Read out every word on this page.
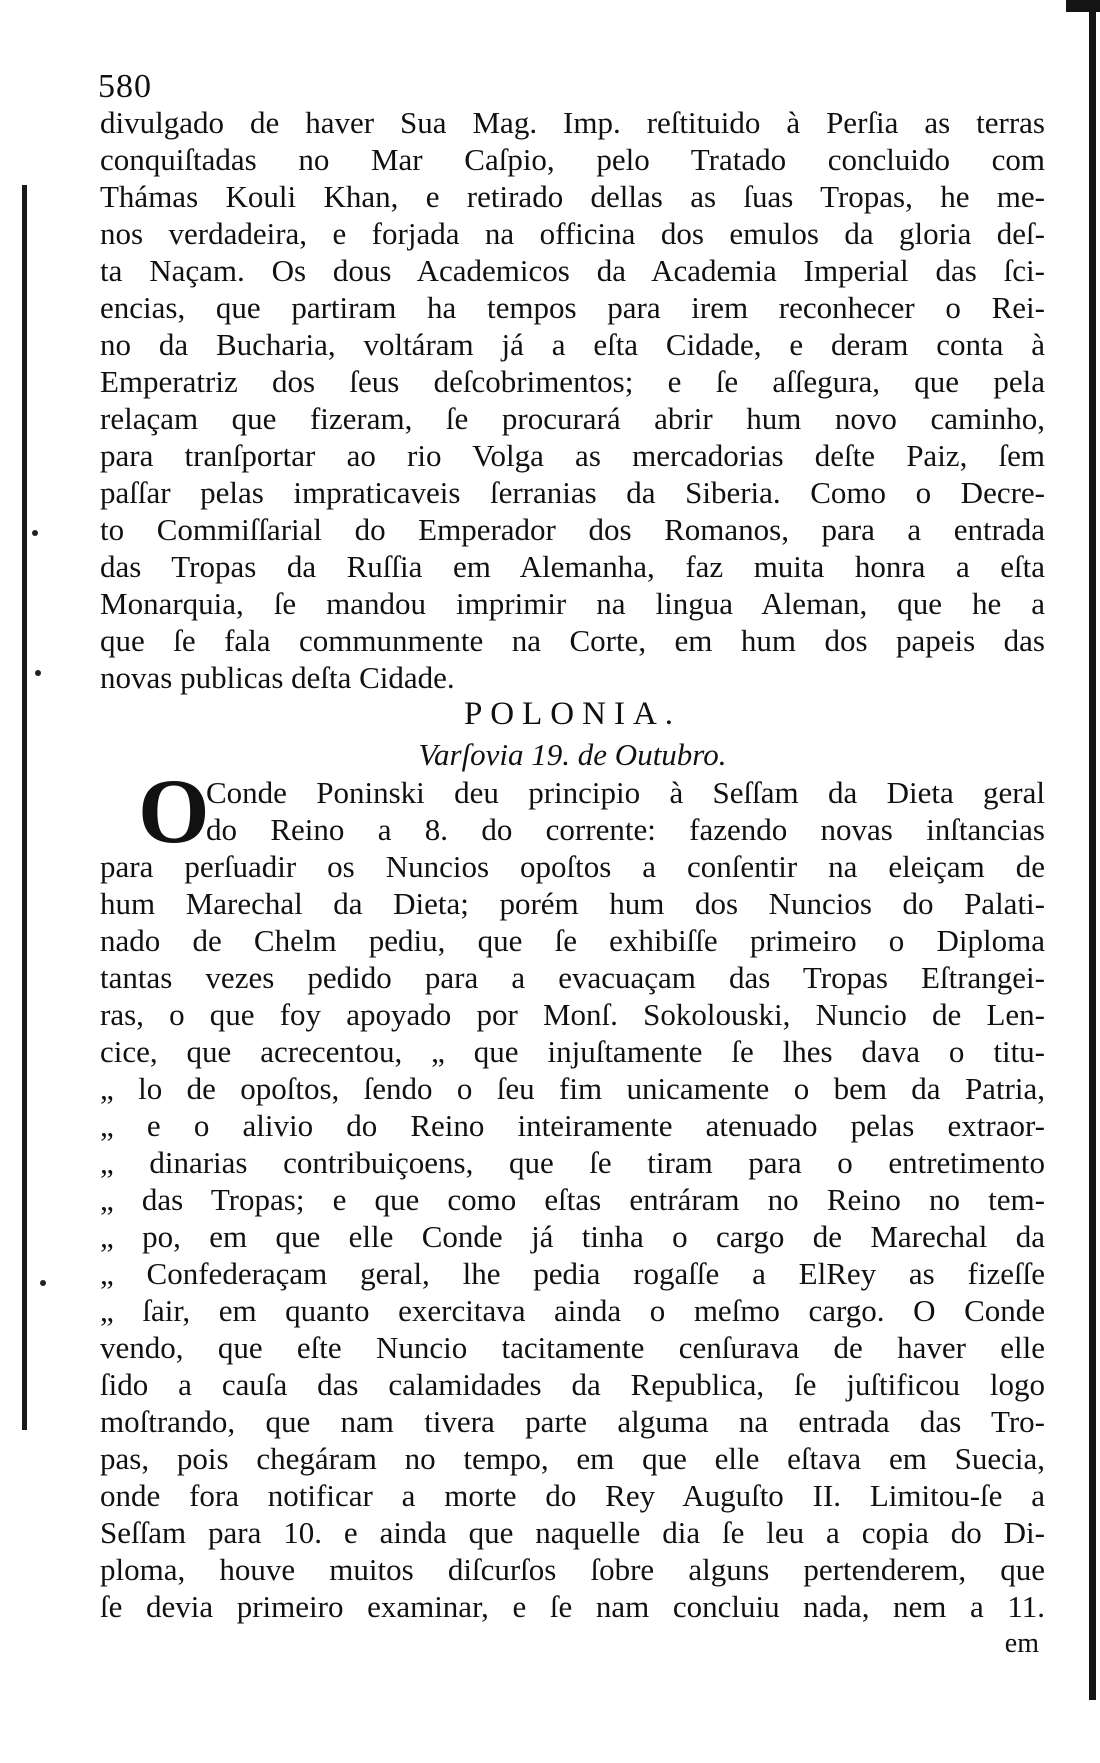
580
divulgado de haver Sua Mag. Imp. reſtituido à Perſia as terras
conquiſtadas no Mar Caſpio, pelo Tratado concluido com
Thámas Kouli Khan, e retirado dellas as ſuas Tropas, he me-
nos verdadeira, e forjada na officina dos emulos da gloria deſ-
ta Naçam. Os dous Academicos da Academia Imperial das ſci-
encias, que partiram ha tempos para irem reconhecer o Rei-
no da Bucharia, voltáram já a eſta Cidade, e deram conta à
Emperatriz dos ſeus deſcobrimentos; e ſe aſſegura, que pela
relaçam que fizeram, ſe procurará abrir hum novo caminho,
para tranſportar ao rio Volga as mercadorias deſte Paiz, ſem
paſſar pelas impraticaveis ſerranias da Siberia. Como o Decre-
to Commiſſarial do Emperador dos Romanos, para a entrada
das Tropas da Ruſſia em Alemanha, faz muita honra a eſta
Monarquia, ſe mandou imprimir na lingua Aleman, que he a
que ſe fala communmente na Corte, em hum dos papeis das
novas publicas deſta Cidade.
POLONIA.
Varſovia 19. de Outubro.
O
Conde Poninski deu principio à Seſſam da Dieta geral
do Reino a 8. do corrente: fazendo novas inſtancias
para perſuadir os Nuncios opoſtos a conſentir na eleiçam de
hum Marechal da Dieta; porém hum dos Nuncios do Palati-
nado de Chelm pediu, que ſe exhibiſſe primeiro o Diploma
tantas vezes pedido para a evacuaçam das Tropas Eſtrangei-
ras, o que foy apoyado por Monſ. Sokolouski, Nuncio de Len-
cice, que acrecentou, „ que injuſtamente ſe lhes dava o titu-
„ lo de opoſtos, ſendo o ſeu fim unicamente o bem da Patria,
„ e o alivio do Reino inteiramente atenuado pelas extraor-
„ dinarias contribuiçoens, que ſe tiram para o entretimento
„ das Tropas; e que como eſtas entráram no Reino no tem-
„ po, em que elle Conde já tinha o cargo de Marechal da
„ Confederaçam geral, lhe pedia rogaſſe a ElRey as fizeſſe
„ ſair, em quanto exercitava ainda o meſmo cargo. O Conde
vendo, que eſte Nuncio tacitamente cenſurava de haver elle
ſido a cauſa das calamidades da Republica, ſe juſtificou logo
moſtrando, que nam tivera parte alguma na entrada das Tro-
pas, pois chegáram no tempo, em que elle eſtava em Suecia,
onde fora notificar a morte do Rey Auguſto II. Limitou-ſe a
Seſſam para 10. e ainda que naquelle dia ſe leu a copia do Di-
ploma, houve muitos diſcurſos ſobre alguns pertenderem, que
ſe devia primeiro examinar, e ſe nam concluiu nada, nem a 11.
em
